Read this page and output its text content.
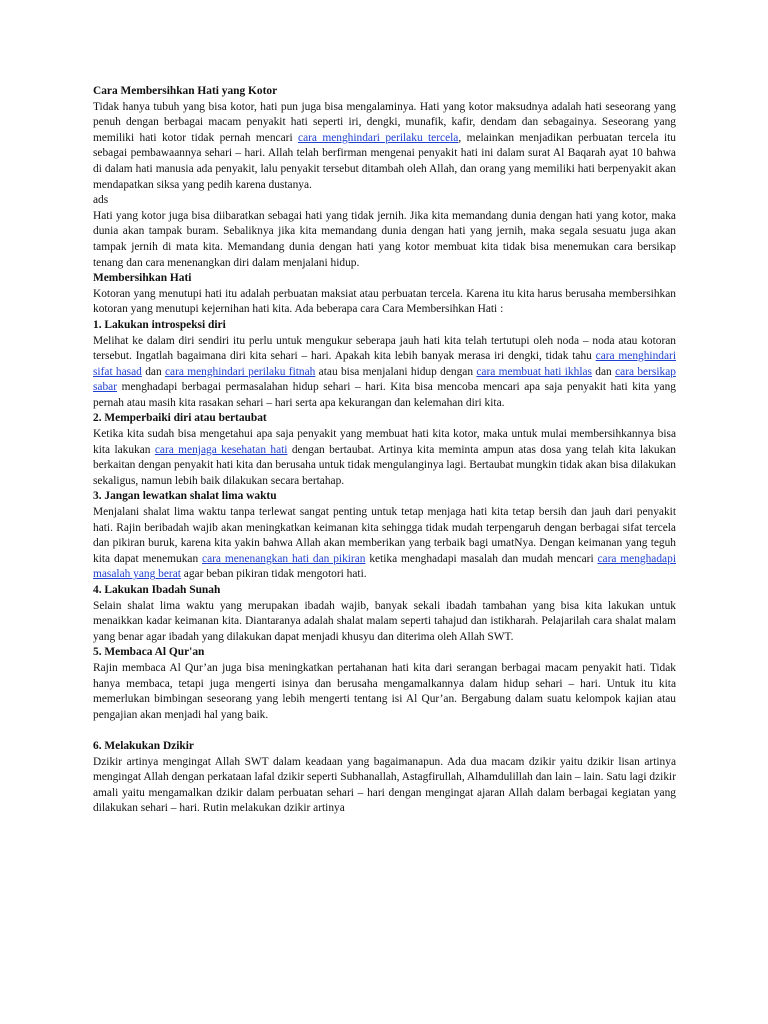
Cara Membersihkan Hati yang Kotor

Tidak hanya tubuh yang bisa kotor, hati pun juga bisa mengalaminya. Hati yang kotor maksudnya adalah hati seseorang yang penuh dengan berbagai macam penyakit hati seperti iri, dengki, munafik, kafir, dendam dan sebagainya. Seseorang yang memiliki hati kotor tidak pernah mencari cara menghindari perilaku tercela, melainkan menjadikan perbuatan tercela itu sebagai pembawaannya sehari – hari. Allah telah berfirman mengenai penyakit hati ini dalam surat Al Baqarah ayat 10 bahwa di dalam hati manusia ada penyakit, lalu penyakit tersebut ditambah oleh Allah, dan orang yang memiliki hati berpenyakit akan mendapatkan siksa yang pedih karena dustanya.

ads

Hati yang kotor juga bisa diibaratkan sebagai hati yang tidak jernih. Jika kita memandang dunia dengan hati yang kotor, maka dunia akan tampak buram. Sebaliknya jika kita memandang dunia dengan hati yang jernih, maka segala sesuatu juga akan tampak jernih di mata kita. Memandang dunia dengan hati yang kotor membuat kita tidak bisa menemukan cara bersikap tenang dan cara menenangkan diri dalam menjalani hidup.

Membersihkan Hati

Kotoran yang menutupi hati itu adalah perbuatan maksiat atau perbuatan tercela. Karena itu kita harus berusaha membersihkan kotoran yang menutupi kejernihan hati kita. Ada beberapa cara Cara Membersihkan Hati :

1. Lakukan introspeksi diri

Melihat ke dalam diri sendiri itu perlu untuk mengukur seberapa jauh hati kita telah tertutupi oleh noda – noda atau kotoran tersebut. Ingatlah bagaimana diri kita sehari – hari. Apakah kita lebih banyak merasa iri dengki, tidak tahu cara menghindari sifat hasad dan cara menghindari perilaku fitnah atau bisa menjalani hidup dengan cara membuat hati ikhlas dan cara bersikap sabar menghadapi berbagai permasalahan hidup sehari – hari. Kita bisa mencoba mencari apa saja penyakit hati kita yang pernah atau masih kita rasakan sehari – hari serta apa kekurangan dan kelemahan diri kita.

2. Memperbaiki diri atau bertaubat

Ketika kita sudah bisa mengetahui apa saja penyakit yang membuat hati kita kotor, maka untuk mulai membersihkannya bisa kita lakukan cara menjaga kesehatan hati dengan bertaubat. Artinya kita meminta ampun atas dosa yang telah kita lakukan berkaitan dengan penyakit hati kita dan berusaha untuk tidak mengulanginya lagi. Bertaubat mungkin tidak akan bisa dilakukan sekaligus, namun lebih baik dilakukan secara bertahap.

3. Jangan lewatkan shalat lima waktu

Menjalani shalat lima waktu tanpa terlewat sangat penting untuk tetap menjaga hati kita tetap bersih dan jauh dari penyakit hati. Rajin beribadah wajib akan meningkatkan keimanan kita sehingga tidak mudah terpengaruh dengan berbagai sifat tercela dan pikiran buruk, karena kita yakin bahwa Allah akan memberikan yang terbaik bagi umatNya. Dengan keimanan yang teguh kita dapat menemukan cara menenangkan hati dan pikiran ketika menghadapi masalah dan mudah mencari cara menghadapi masalah yang berat agar beban pikiran tidak mengotori hati.

4. Lakukan Ibadah Sunah

Selain shalat lima waktu yang merupakan ibadah wajib, banyak sekali ibadah tambahan yang bisa kita lakukan untuk menaikkan kadar keimanan kita. Diantaranya adalah shalat malam seperti tahajud dan istikharah. Pelajarilah cara shalat malam yang benar agar ibadah yang dilakukan dapat menjadi khusyu dan diterima oleh Allah SWT.

5. Membaca Al Qur'an

Rajin membaca Al Qur’an juga bisa meningkatkan pertahanan hati kita dari serangan berbagai macam penyakit hati. Tidak hanya membaca, tetapi juga mengerti isinya dan berusaha mengamalkannya dalam hidup sehari – hari. Untuk itu kita memerlukan bimbingan seseorang yang lebih mengerti tentang isi Al Qur’an. Bergabung dalam suatu kelompok kajian atau pengajian akan menjadi hal yang baik.

6. Melakukan Dzikir

Dzikir artinya mengingat Allah SWT dalam keadaan yang bagaimanapun. Ada dua macam dzikir yaitu dzikir lisan artinya mengingat Allah dengan perkataan lafal dzikir seperti Subhanallah, Astagfirullah, Alhamdulillah dan lain – lain. Satu lagi dzikir amali yaitu mengamalkan dzikir dalam perbuatan sehari – hari dengan mengingat ajaran Allah dalam berbagai kegiatan yang dilakukan sehari – hari. Rutin melakukan dzikir artinya
